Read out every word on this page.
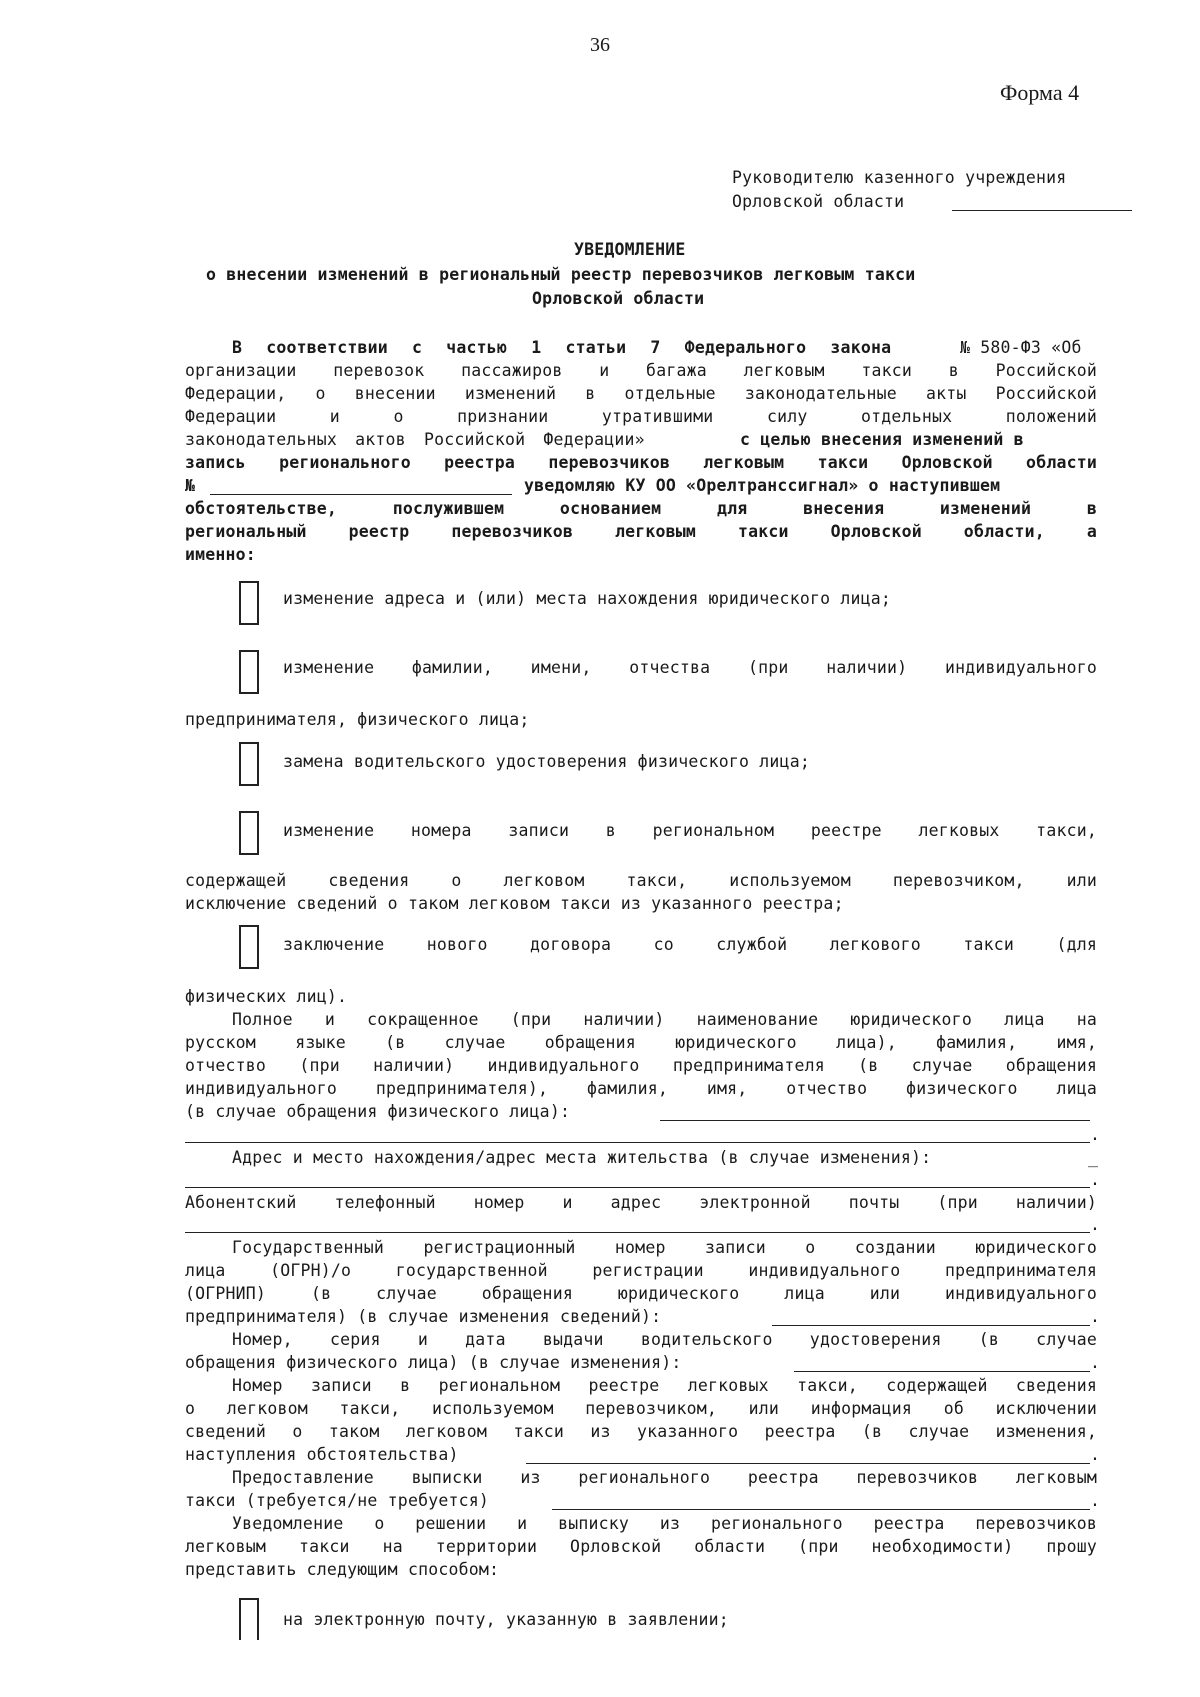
36
Форма 4
Руководителю казенного учреждения
Орловской области
УВЕДОМЛЕНИЕ
о внесении изменений в региональный реестр перевозчиков легковым такси
Орловской области
В соответствии с частью 1 статьи 7 Федерального закона	№ 580-ФЗ «Об
организации перевозок пассажиров и багажа легковым такси в Российской
Федерации, о внесении изменений в отдельные законодательные акты Российской
Федерации и о признании утратившими силу отдельных положений
законодательных актов Российской Федерации»	с целью внесения изменений в
запись регионального реестра перевозчиков легковым такси Орловской области
№	уведомляю КУ ОО «Орелтранссигнал» о наступившем
обстоятельстве, послужившем основанием для внесения изменений в
региональный реестр перевозчиков легковым такси Орловской области, а
именно:
изменение адреса и (или) места нахождения юридического лица;
изменение фамилии, имени, отчества (при наличии) индивидуального
предпринимателя, физического лица;
замена водительского удостоверения физического лица;
изменение номера записи в региональном реестре легковых такси,
содержащей сведения о легковом такси, используемом перевозчиком, или
исключение сведений о таком легковом такси из указанного реестра;
заключение нового договора со службой легкового такси (для
физических лиц).
Полное и сокращенное (при наличии) наименование юридического лица на
русском языке (в случае обращения юридического лица), фамилия, имя,
отчество (при наличии) индивидуального предпринимателя (в случае обращения
индивидуального предпринимателя), фамилия, имя, отчество физического лица
(в случае обращения физического лица):
.
Адрес и место нахождения/адрес места жительства (в случае изменения):	_
.
Абонентский телефонный номер и адрес электронной почты (при наличии)
.
Государственный регистрационный номер записи о создании юридического
лица (ОГРН)/о государственной регистрации индивидуального предпринимателя
(ОГРНИП) (в случае обращения юридического лица или индивидуального
предпринимателя) (в случае изменения сведений):	.
Номер, серия и дата выдачи водительского удостоверения (в случае
обращения физического лица) (в случае изменения):	.
Номер записи в региональном реестре легковых такси, содержащей сведения
о легковом такси, используемом перевозчиком, или информация об исключении
сведений о таком легковом такси из указанного реестра (в случае изменения,
наступления обстоятельства)	.
Предоставление выписки из регионального реестра перевозчиков легковым
такси (требуется/не требуется)	.
Уведомление о решении и выписку из регионального реестра перевозчиков
легковым такси на территории Орловской области (при необходимости) прошу
представить следующим способом:
на электронную почту, указанную в заявлении;
